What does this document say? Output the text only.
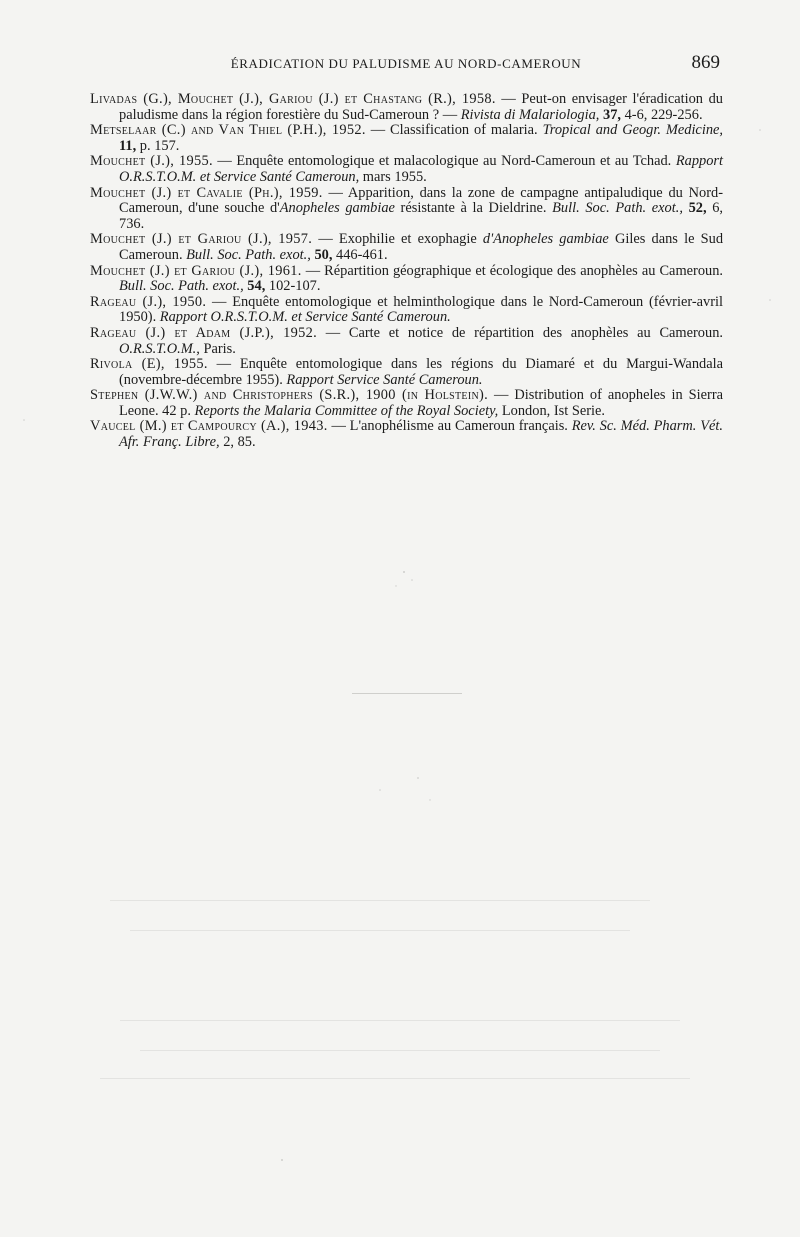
ÉRADICATION DU PALUDISME AU NORD-CAMEROUN	869
Livadas (G.), Mouchet (J.), Gariou (J.) et Chastang (R.), 1958. — Peut-on envisager l'éradication du paludisme dans la région forestière du Sud-Cameroun ? — Rivista di Malariologia, 37, 4-6, 229-256.
Metselaar (C.) and Van Thiel (P.H.), 1952. — Classification of malaria. Tropical and Geogr. Medicine, 11, p. 157.
Mouchet (J.), 1955. — Enquête entomologique et malacologique au Nord-Cameroun et au Tchad. Rapport O.R.S.T.O.M. et Service Santé Cameroun, mars 1955.
Mouchet (J.) et Cavalie (Ph.), 1959. — Apparition, dans la zone de campagne antipaludique du Nord-Cameroun, d'une souche d'Anopheles gambiae résistante à la Dieldrine. Bull. Soc. Path. exot., 52, 6, 736.
Mouchet (J.) et Gariou (J.), 1957. — Exophilie et exophagie d'Anopheles gambiae Giles dans le Sud Cameroun. Bull. Soc. Path. exot., 50, 446-461.
Mouchet (J.) et Gariou (J.), 1961. — Répartition géographique et écologique des anophèles au Cameroun. Bull. Soc. Path. exot., 54, 102-107.
Rageau (J.), 1950. — Enquête entomologique et helminthologique dans le Nord-Cameroun (février-avril 1950). Rapport O.R.S.T.O.M. et Service Santé Cameroun.
Rageau (J.) et Adam (J.P.), 1952. — Carte et notice de répartition des anophèles au Cameroun. O.R.S.T.O.M., Paris.
Rivola (E), 1955. — Enquête entomologique dans les régions du Diamaré et du Margui-Wandala (novembre-décembre 1955). Rapport Service Santé Cameroun.
Stephen (J.W.W.) and Christophers (S.R.), 1900 (in Holstein). — Distribution of anopheles in Sierra Leone. 42 p. Reports the Malaria Committee of the Royal Society, London, Ist Serie.
Vaucel (M.) et Campourcy (A.), 1943. — L'anophélisme au Cameroun français. Rev. Sc. Méd. Pharm. Vét. Afr. Franç. Libre, 2, 85.
